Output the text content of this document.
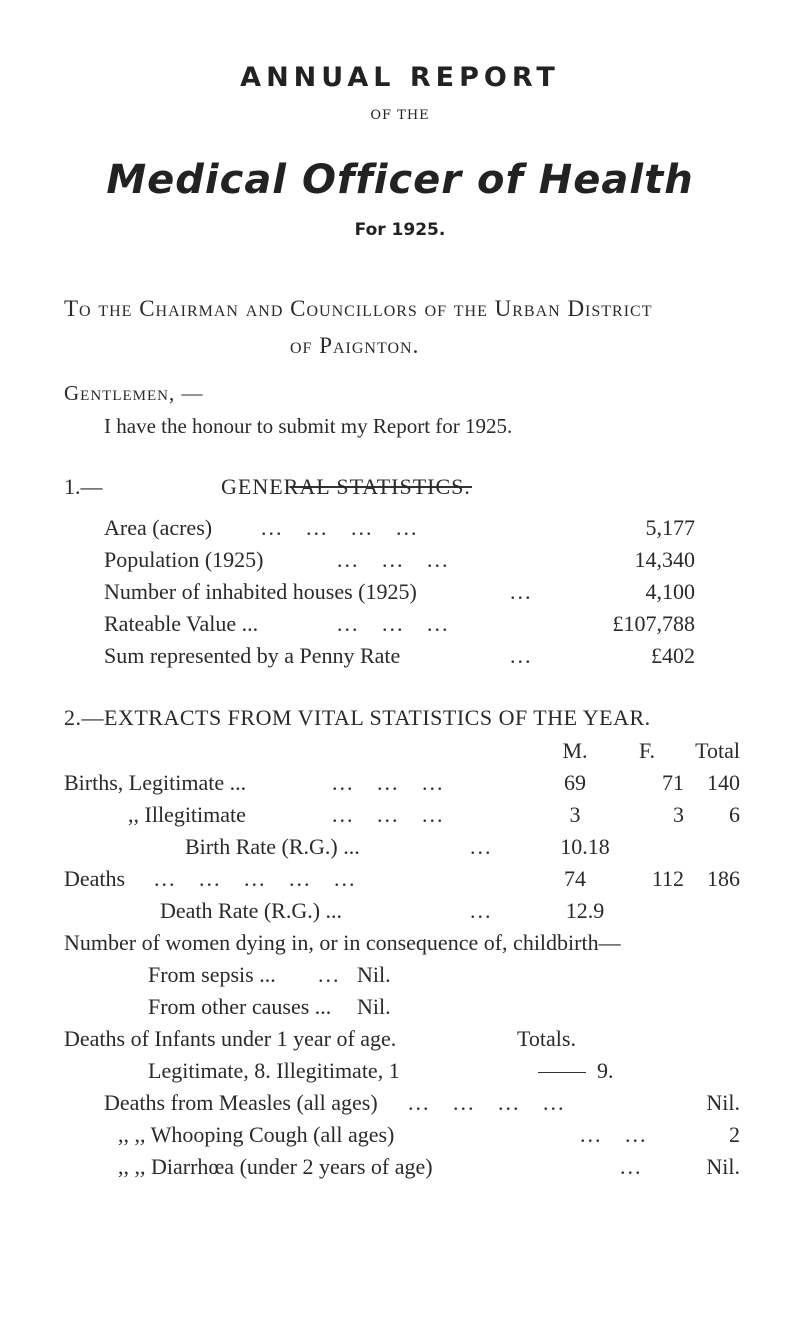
ANNUAL REPORT
OF THE
Medical Officer of Health
For 1925.
To the Chairman and Councillors of the Urban District
of Paignton.
Gentlemen, —
I have the honour to submit my Report for 1925.
1.—	GENERAL STATISTICS.
Area (acres) ...   ...   ...   ...	5,177
Population (1925)	...   ...   ...	14,340
Number of inhabited houses (1925)	...	4,100
Rateable Value ...	...   ...   ...	£107,788
Sum represented by a Penny Rate	...	£402
2.—EXTRACTS FROM VITAL STATISTICS OF THE YEAR.
M.	F.	Total
Births, Legitimate ...	...   ...   ...	69	71	140
,, Illegitimate	...   ...   ...	3	3	6
Birth Rate (R.G.) ...	...	10.18
Deaths ...   ...   ...   ...   ...	74	112	186
Death Rate (R.G.) ...	...	12.9
Number of women dying in, or in consequence of, childbirth—
From sepsis ... ... Nil.
From other causes ... Nil.
Deaths of Infants under 1 year of age.	Totals.
Legitimate, 8. Illegitimate, 1	9.
Deaths from Measles (all ages) ...   ...   ...   ...	Nil.
,, ,, Whooping Cough (all ages)	...   ...	2
,, ,, Diarrhœa (under 2 years of age)	...	Nil.
